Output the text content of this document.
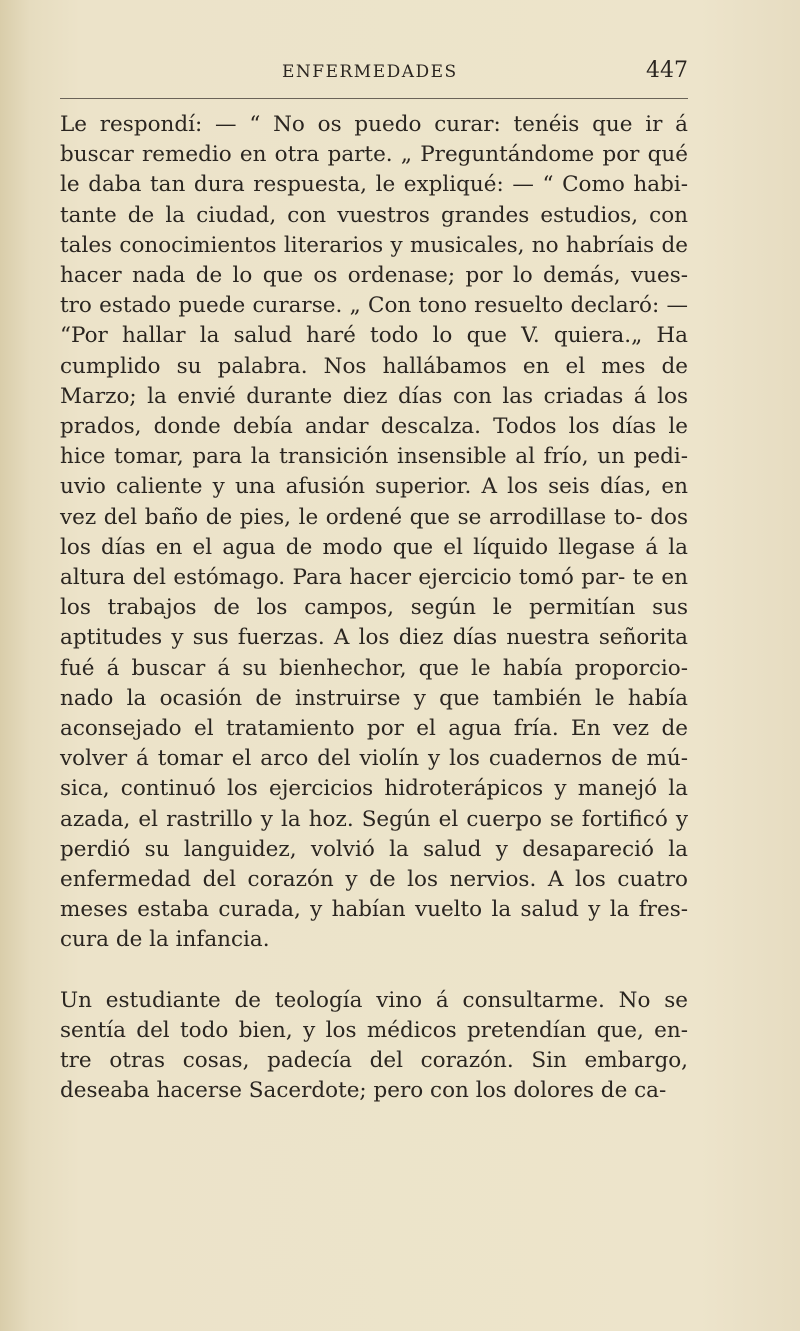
ENFERMEDADES	447

Le respondí: — “ No os puedo curar: tenéis que ir á buscar remedio en otra parte. „ Preguntándome por qué le daba tan dura respuesta, le expliqué: — “ Como habi- tante de la ciudad, con vuestros grandes estudios, con tales conocimientos literarios y musicales, no habríais de hacer nada de lo que os ordenase; por lo demás, vues- tro estado puede curarse. „ Con tono resuelto declaró: — “Por hallar la salud haré todo lo que V. quiera.„ Ha cumplido su palabra. Nos hallábamos en el mes de Marzo; la envié durante diez días con las criadas á los prados, donde debía andar descalza. Todos los días le hice tomar, para la transición insensible al frío, un pedi- uvio caliente y una afusión superior. A los seis días, en vez del baño de pies, le ordené que se arrodillase to- dos los días en el agua de modo que el líquido llegase á la altura del estómago. Para hacer ejercicio tomó par- te en los trabajos de los campos, según le permitían sus aptitudes y sus fuerzas. A los diez días nuestra señorita fué á buscar á su bienhechor, que le había proporcio- nado la ocasión de instruirse y que también le había aconsejado el tratamiento por el agua fría. En vez de volver á tomar el arco del violín y los cuadernos de mú- sica, continuó los ejercicios hidroterápicos y manejó la azada, el rastrillo y la hoz. Según el cuerpo se fortificó y perdió su languidez, volvió la salud y desapareció la enfermedad del corazón y de los nervios. A los cuatro meses estaba curada, y habían vuelto la salud y la fres- cura de la infancia.

Un estudiante de teología vino á consultarme. No se sentía del todo bien, y los médicos pretendían que, en- tre otras cosas, padecía del corazón. Sin embargo, deseaba hacerse Sacerdote; pero con los dolores de ca-
